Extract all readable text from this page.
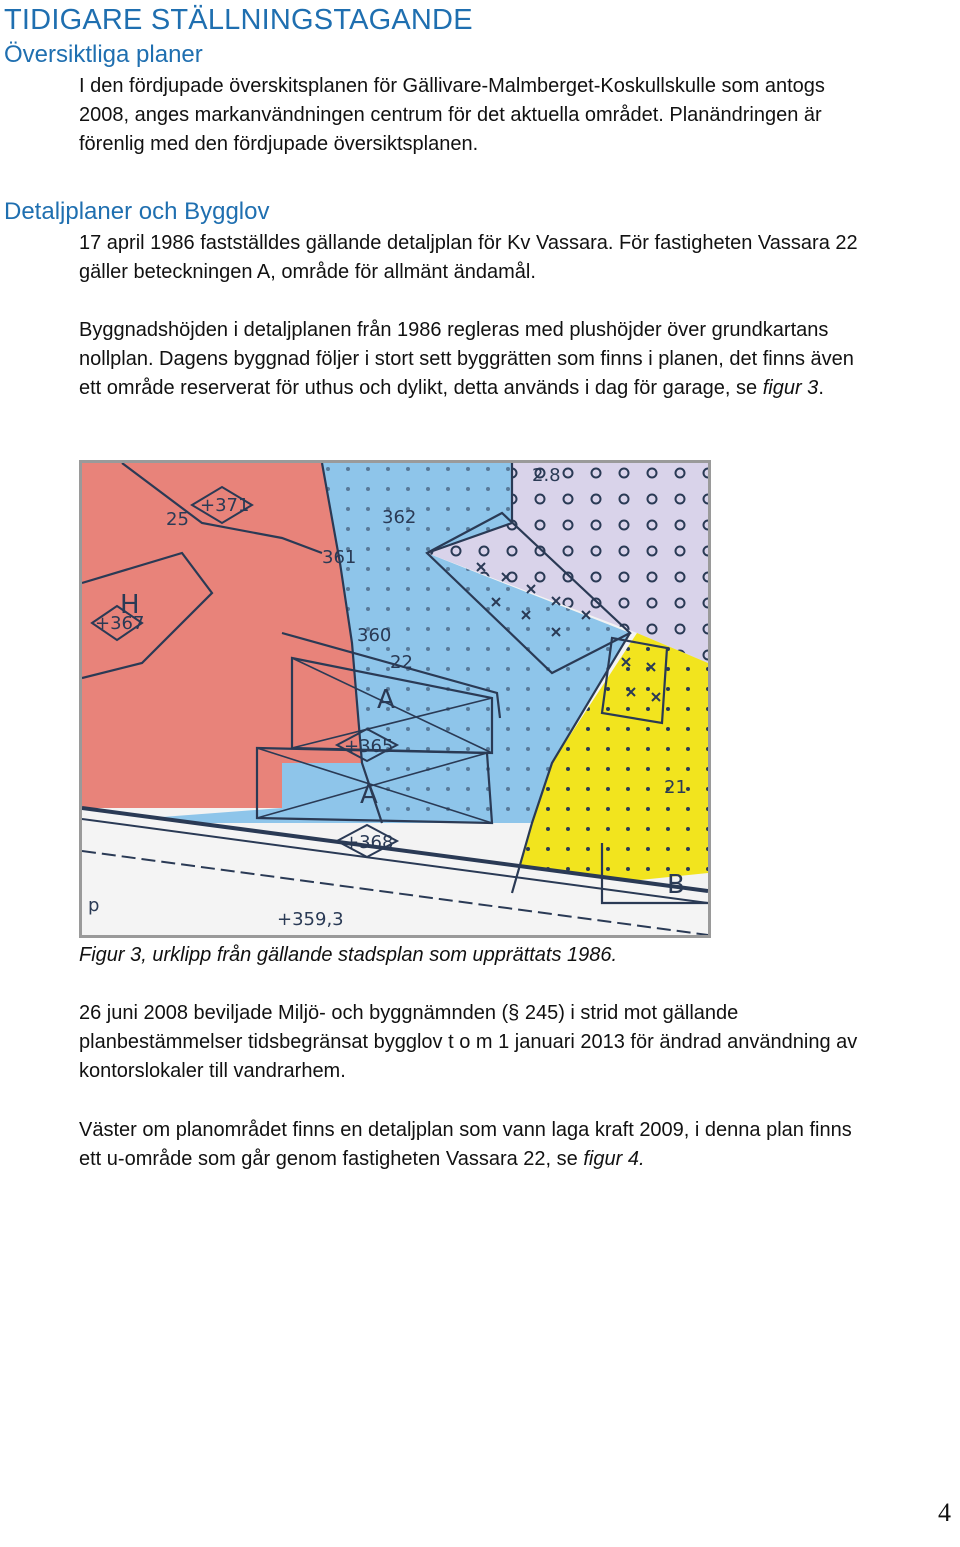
TIDIGARE STÄLLNINGSTAGANDE
Översiktliga planer

I den fördjupade överskitsplanen för Gällivare-Malmberget-Koskullskulle som antogs 2008, anges markanvändningen centrum för det aktuella området. Planändringen är förenlig med den fördjupade översiktsplanen.

Detaljplaner och Bygglov

17 april 1986 fastställdes gällande detaljplan för Kv Vassara. För fastigheten Vassara 22 gäller beteckningen A, område för allmänt ändamål.

Byggnadshöjden i detaljplanen från 1986 regleras med plushöjder över grundkartans nollplan. Dagens byggnad följer i stort sett byggrätten som finns i planen, det finns även ett område reserverat för uthus och dylikt, detta används i dag för garage, se figur 3.

25
+371
H
+367
362
361
360
22
A
+365
A
+368
2.8
21
B
+359,3
p
Figur 3, urklipp från gällande stadsplan som upprättats 1986.

26 juni 2008 beviljade Miljö- och byggnämnden (§ 245) i strid mot gällande planbestämmelser tidsbegränsat bygglov t o m 1 januari 2013 för ändrad användning av kontorslokaler till vandrarhem.

Väster om planområdet finns en detaljplan som vann laga kraft 2009, i denna plan finns ett u-område som går genom fastigheten Vassara 22, se figur 4.

4
